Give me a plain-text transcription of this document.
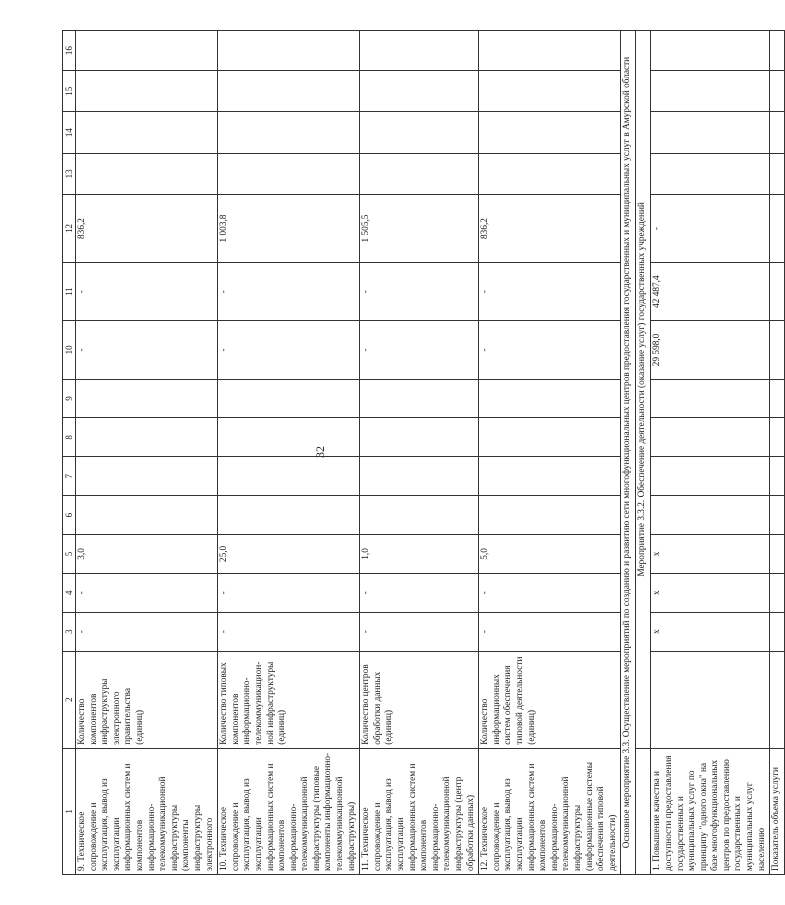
32
1	2	3	4	5	6	7	8	9	10	11	12	13	14	15	16
9. Техническое сопровождение и эксплуатация, вывод из эксплуатации информационных систем и компонентов информационно-телекоммуникационной инфраструктуры (компоненты инфраструктуры электронного	Количество компонентов инфраструктуры электронного правительства (единиц)	-	-	3,0					-	-	836,2				
10. Техническое сопровождение и эксплуатация, вывод из эксплуатации информационных систем и компонентов информационно-телекоммуникационной инфраструктуры (типовые компоненты информационно-телекоммуникационной инфраструктуры)	Количество типовых компонентов информационно-телекоммуникацион-ной инфраструктуры (единиц)	-	-	25,0					-	-	1 003,8				
11. Техническое сопровождение и эксплуатация, вывод из эксплуатации информационных систем и компонентов информационно-телекоммуникационной инфраструктуры (центр обработки данных)	Количество центров обработки данных (единиц)	-	-	1,0					-	-	1 505,5				
12. Техническое сопровождение и эксплуатация, вывод из эксплуатации информационных систем и компонентов информационно-телекоммуникационной инфраструктуры (информационные системы обеспечения типовой деятельности)	Количество информационных систем обеспечения типовой деятельности (единиц)	-	-	5,0					-	-	836,2				
Основное мероприятие 3.3. Осуществление мероприятий по созданию и развитию сети многофункциональных центров предоставления государственных и муниципальных услуг в Амурской области															
	Мероприятие 3.3.2. Обеспечение деятельности (оказание услуг) государственных учреждений														
1. Повышение качества и доступности предоставления государственных и муниципальных услуг по принципу "одного окна" на базе многофункциональных центров по предоставлению государственных и муниципальных услуг населению		х	х	х					29 598,0	42 487,4	-				
Показатель объема услуги															
